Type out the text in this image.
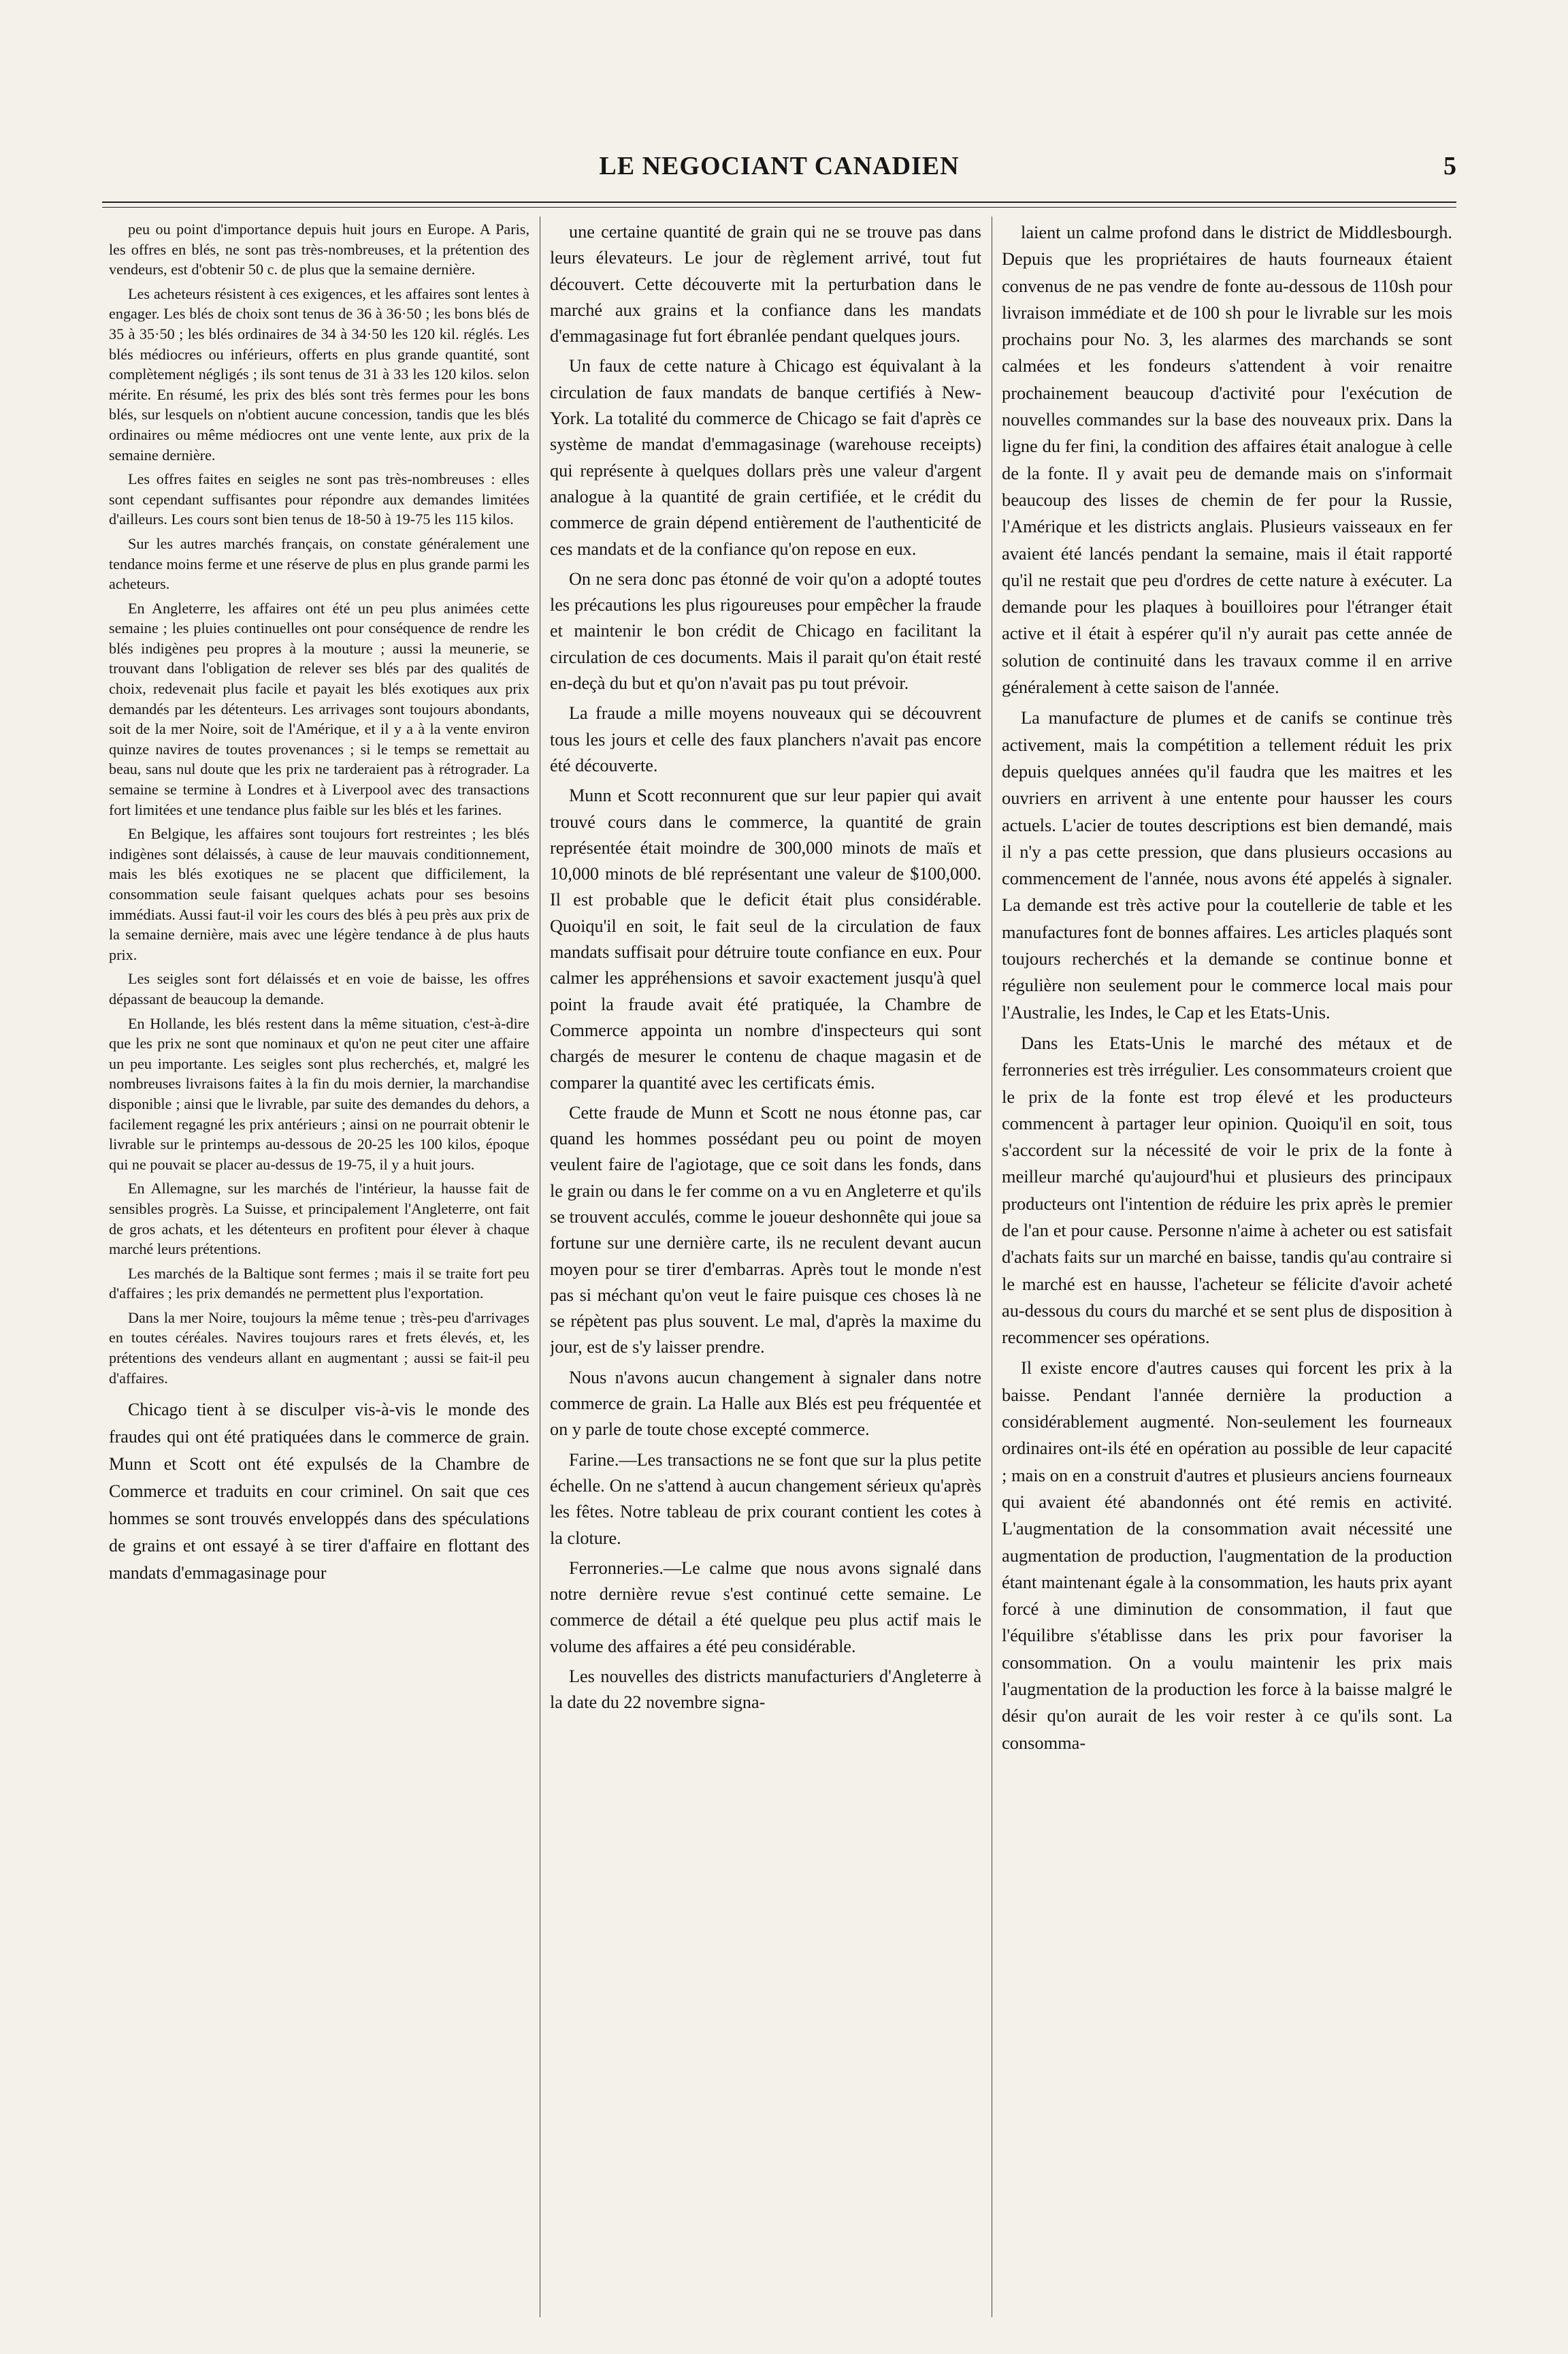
LE NEGOCIANT CANADIEN	5

peu ou point d'importance depuis huit jours en Europe. A Paris, les offres en blés, ne sont pas très-nombreuses, et la prétention des vendeurs, est d'obtenir 50 c. de plus que la semaine dernière.

Les acheteurs résistent à ces exigences, et les affaires sont lentes à engager. Les blés de choix sont tenus de 36 à 36·50 ; les bons blés de 35 à 35·50 ; les blés ordinaires de 34 à 34·50 les 120 kil. réglés. Les blés médiocres ou inférieurs, offerts en plus grande quantité, sont complètement négligés ; ils sont tenus de 31 à 33 les 120 kilos. selon mérite. En résumé, les prix des blés sont très fermes pour les bons blés, sur lesquels on n'obtient aucune concession, tandis que les blés ordinaires ou même médiocres ont une vente lente, aux prix de la semaine dernière.

Les offres faites en seigles ne sont pas très-nombreuses : elles sont cependant suffisantes pour répondre aux demandes limitées d'ailleurs. Les cours sont bien tenus de 18-50 à 19-75 les 115 kilos.

Sur les autres marchés français, on constate généralement une tendance moins ferme et une réserve de plus en plus grande parmi les acheteurs.

En Angleterre, les affaires ont été un peu plus animées cette semaine ; les pluies continuelles ont pour conséquence de rendre les blés indigènes peu propres à la mouture ; aussi la meunerie, se trouvant dans l'obligation de relever ses blés par des qualités de choix, redevenait plus facile et payait les blés exotiques aux prix demandés par les détenteurs. Les arrivages sont toujours abondants, soit de la mer Noire, soit de l'Amérique, et il y a à la vente environ quinze navires de toutes provenances ; si le temps se remettait au beau, sans nul doute que les prix ne tarderaient pas à rétrograder. La semaine se termine à Londres et à Liverpool avec des transactions fort limitées et une tendance plus faible sur les blés et les farines.

En Belgique, les affaires sont toujours fort restreintes ; les blés indigènes sont délaissés, à cause de leur mauvais conditionnement, mais les blés exotiques ne se placent que difficilement, la consommation seule faisant quelques achats pour ses besoins immédiats. Aussi faut-il voir les cours des blés à peu près aux prix de la semaine dernière, mais avec une légère tendance à de plus hauts prix.

Les seigles sont fort délaissés et en voie de baisse, les offres dépassant de beaucoup la demande.

En Hollande, les blés restent dans la même situation, c'est-à-dire que les prix ne sont que nominaux et qu'on ne peut citer une affaire un peu importante. Les seigles sont plus recherchés, et, malgré les nombreuses livraisons faites à la fin du mois dernier, la marchandise disponible ; ainsi que le livrable, par suite des demandes du dehors, a facilement regagné les prix antérieurs ; ainsi on ne pourrait obtenir le livrable sur le printemps au-dessous de 20-25 les 100 kilos, époque qui ne pouvait se placer au-dessus de 19-75, il y a huit jours.

En Allemagne, sur les marchés de l'intérieur, la hausse fait de sensibles progrès. La Suisse, et principalement l'Angleterre, ont fait de gros achats, et les détenteurs en profitent pour élever à chaque marché leurs prétentions.

Les marchés de la Baltique sont fermes ; mais il se traite fort peu d'affaires ; les prix demandés ne permettent plus l'exportation.

Dans la mer Noire, toujours la même tenue ; très-peu d'arrivages en toutes céréales. Navires toujours rares et frets élevés, et, les prétentions des vendeurs allant en augmentant ; aussi se fait-il peu d'affaires.

Chicago tient à se disculper vis-à-vis le monde des fraudes qui ont été pratiquées dans le commerce de grain. Munn et Scott ont été expulsés de la Chambre de Commerce et traduits en cour criminel. On sait que ces hommes se sont trouvés enveloppés dans des spéculations de grains et ont essayé à se tirer d'affaire en flottant des mandats d'emmagasinage pour

une certaine quantité de grain qui ne se trouve pas dans leurs élevateurs. Le jour de règlement arrivé, tout fut découvert. Cette découverte mit la perturbation dans le marché aux grains et la confiance dans les mandats d'emmagasinage fut fort ébranlée pendant quelques jours.

Un faux de cette nature à Chicago est équivalant à la circulation de faux mandats de banque certifiés à New-York. La totalité du commerce de Chicago se fait d'après ce système de mandat d'emmagasinage (warehouse receipts) qui représente à quelques dollars près une valeur d'argent analogue à la quantité de grain certifiée, et le crédit du commerce de grain dépend entièrement de l'authenticité de ces mandats et de la confiance qu'on repose en eux.

On ne sera donc pas étonné de voir qu'on a adopté toutes les précautions les plus rigoureuses pour empêcher la fraude et maintenir le bon crédit de Chicago en facilitant la circulation de ces documents. Mais il parait qu'on était resté en-deçà du but et qu'on n'avait pas pu tout prévoir.

La fraude a mille moyens nouveaux qui se découvrent tous les jours et celle des faux planchers n'avait pas encore été découverte.

Munn et Scott reconnurent que sur leur papier qui avait trouvé cours dans le commerce, la quantité de grain représentée était moindre de 300,000 minots de maïs et 10,000 minots de blé représentant une valeur de $100,000. Il est probable que le deficit était plus considérable. Quoiqu'il en soit, le fait seul de la circulation de faux mandats suffisait pour détruire toute confiance en eux. Pour calmer les appréhensions et savoir exactement jusqu'à quel point la fraude avait été pratiquée, la Chambre de Commerce appointa un nombre d'inspecteurs qui sont chargés de mesurer le contenu de chaque magasin et de comparer la quantité avec les certificats émis.

Cette fraude de Munn et Scott ne nous étonne pas, car quand les hommes possédant peu ou point de moyen veulent faire de l'agiotage, que ce soit dans les fonds, dans le grain ou dans le fer comme on a vu en Angleterre et qu'ils se trouvent acculés, comme le joueur deshonnête qui joue sa fortune sur une dernière carte, ils ne reculent devant aucun moyen pour se tirer d'embarras. Après tout le monde n'est pas si méchant qu'on veut le faire puisque ces choses là ne se répètent pas plus souvent. Le mal, d'après la maxime du jour, est de s'y laisser prendre.

Nous n'avons aucun changement à signaler dans notre commerce de grain. La Halle aux Blés est peu fréquentée et on y parle de toute chose excepté commerce.

Farine.—Les transactions ne se font que sur la plus petite échelle. On ne s'attend à aucun changement sérieux qu'après les fêtes. Notre tableau de prix courant contient les cotes à la cloture.

Ferronneries.—Le calme que nous avons signalé dans notre dernière revue s'est continué cette semaine. Le commerce de détail a été quelque peu plus actif mais le volume des affaires a été peu considérable.

Les nouvelles des districts manufacturiers d'Angleterre à la date du 22 novembre signa-

laient un calme profond dans le district de Middlesbourgh. Depuis que les propriétaires de hauts fourneaux étaient convenus de ne pas vendre de fonte au-dessous de 110sh pour livraison immédiate et de 100 sh pour le livrable sur les mois prochains pour No. 3, les alarmes des marchands se sont calmées et les fondeurs s'attendent à voir renaitre prochainement beaucoup d'activité pour l'exécution de nouvelles commandes sur la base des nouveaux prix. Dans la ligne du fer fini, la condition des affaires était analogue à celle de la fonte. Il y avait peu de demande mais on s'informait beaucoup des lisses de chemin de fer pour la Russie, l'Amérique et les districts anglais. Plusieurs vaisseaux en fer avaient été lancés pendant la semaine, mais il était rapporté qu'il ne restait que peu d'ordres de cette nature à exécuter. La demande pour les plaques à bouilloires pour l'étranger était active et il était à espérer qu'il n'y aurait pas cette année de solution de continuité dans les travaux comme il en arrive généralement à cette saison de l'année.

La manufacture de plumes et de canifs se continue très activement, mais la compétition a tellement réduit les prix depuis quelques années qu'il faudra que les maitres et les ouvriers en arrivent à une entente pour hausser les cours actuels. L'acier de toutes descriptions est bien demandé, mais il n'y a pas cette pression, que dans plusieurs occasions au commencement de l'année, nous avons été appelés à signaler. La demande est très active pour la coutellerie de table et les manufactures font de bonnes affaires. Les articles plaqués sont toujours recherchés et la demande se continue bonne et régulière non seulement pour le commerce local mais pour l'Australie, les Indes, le Cap et les Etats-Unis.

Dans les Etats-Unis le marché des métaux et de ferronneries est très irrégulier. Les consommateurs croient que le prix de la fonte est trop élevé et les producteurs commencent à partager leur opinion. Quoiqu'il en soit, tous s'accordent sur la nécessité de voir le prix de la fonte à meilleur marché qu'aujourd'hui et plusieurs des principaux producteurs ont l'intention de réduire les prix après le premier de l'an et pour cause. Personne n'aime à acheter ou est satisfait d'achats faits sur un marché en baisse, tandis qu'au contraire si le marché est en hausse, l'acheteur se félicite d'avoir acheté au-dessous du cours du marché et se sent plus de disposition à recommencer ses opérations.

Il existe encore d'autres causes qui forcent les prix à la baisse. Pendant l'année dernière la production a considérablement augmenté. Non-seulement les fourneaux ordinaires ont-ils été en opération au possible de leur capacité ; mais on en a construit d'autres et plusieurs anciens fourneaux qui avaient été abandonnés ont été remis en activité. L'augmentation de la consommation avait nécessité une augmentation de production, l'augmentation de la production étant maintenant égale à la consommation, les hauts prix ayant forcé à une diminution de consommation, il faut que l'équilibre s'établisse dans les prix pour favoriser la consommation. On a voulu maintenir les prix mais l'augmentation de la production les force à la baisse malgré le désir qu'on aurait de les voir rester à ce qu'ils sont. La consomma-
